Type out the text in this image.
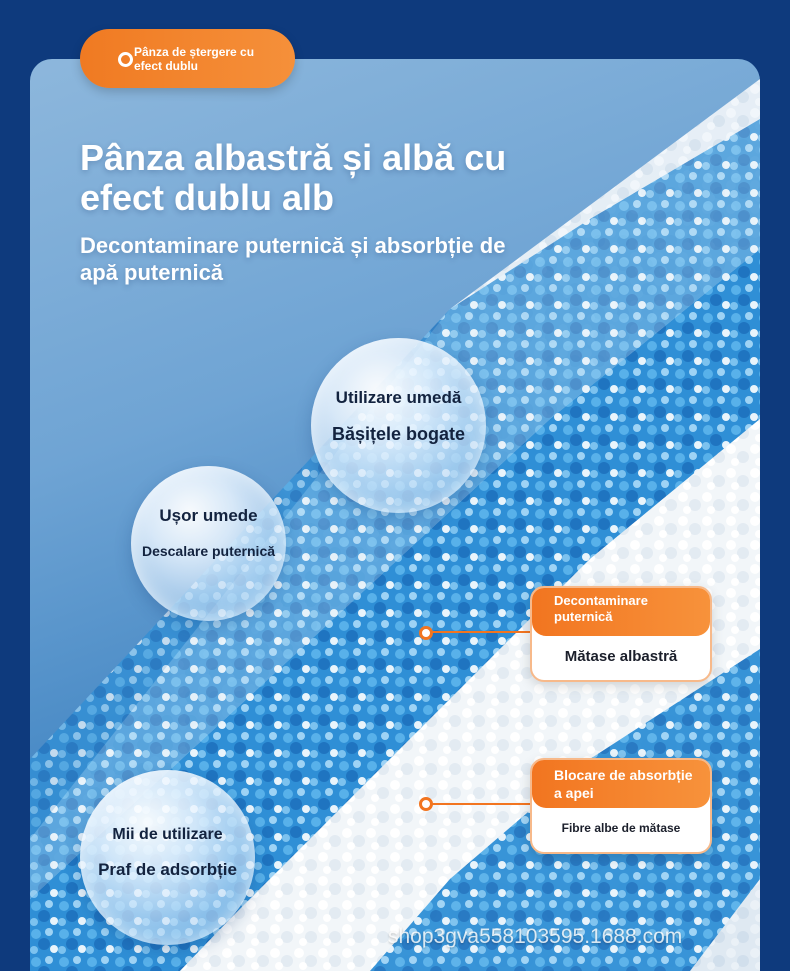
Pânza de ștergere cu efect dublu
Pânza albastră și albă cu efect dublu alb
Decontaminare puternică și absorbție de apă puternică
Utilizare umedă
Bășițele bogate
Ușor umede
Descalare puternică
Mii de utilizare
Praf de adsorbție
Decontaminare puternică
Mătase albastră
Blocare de absorbție a apei
Fibre albe de mătase
shop3gva558103595.1688.com
